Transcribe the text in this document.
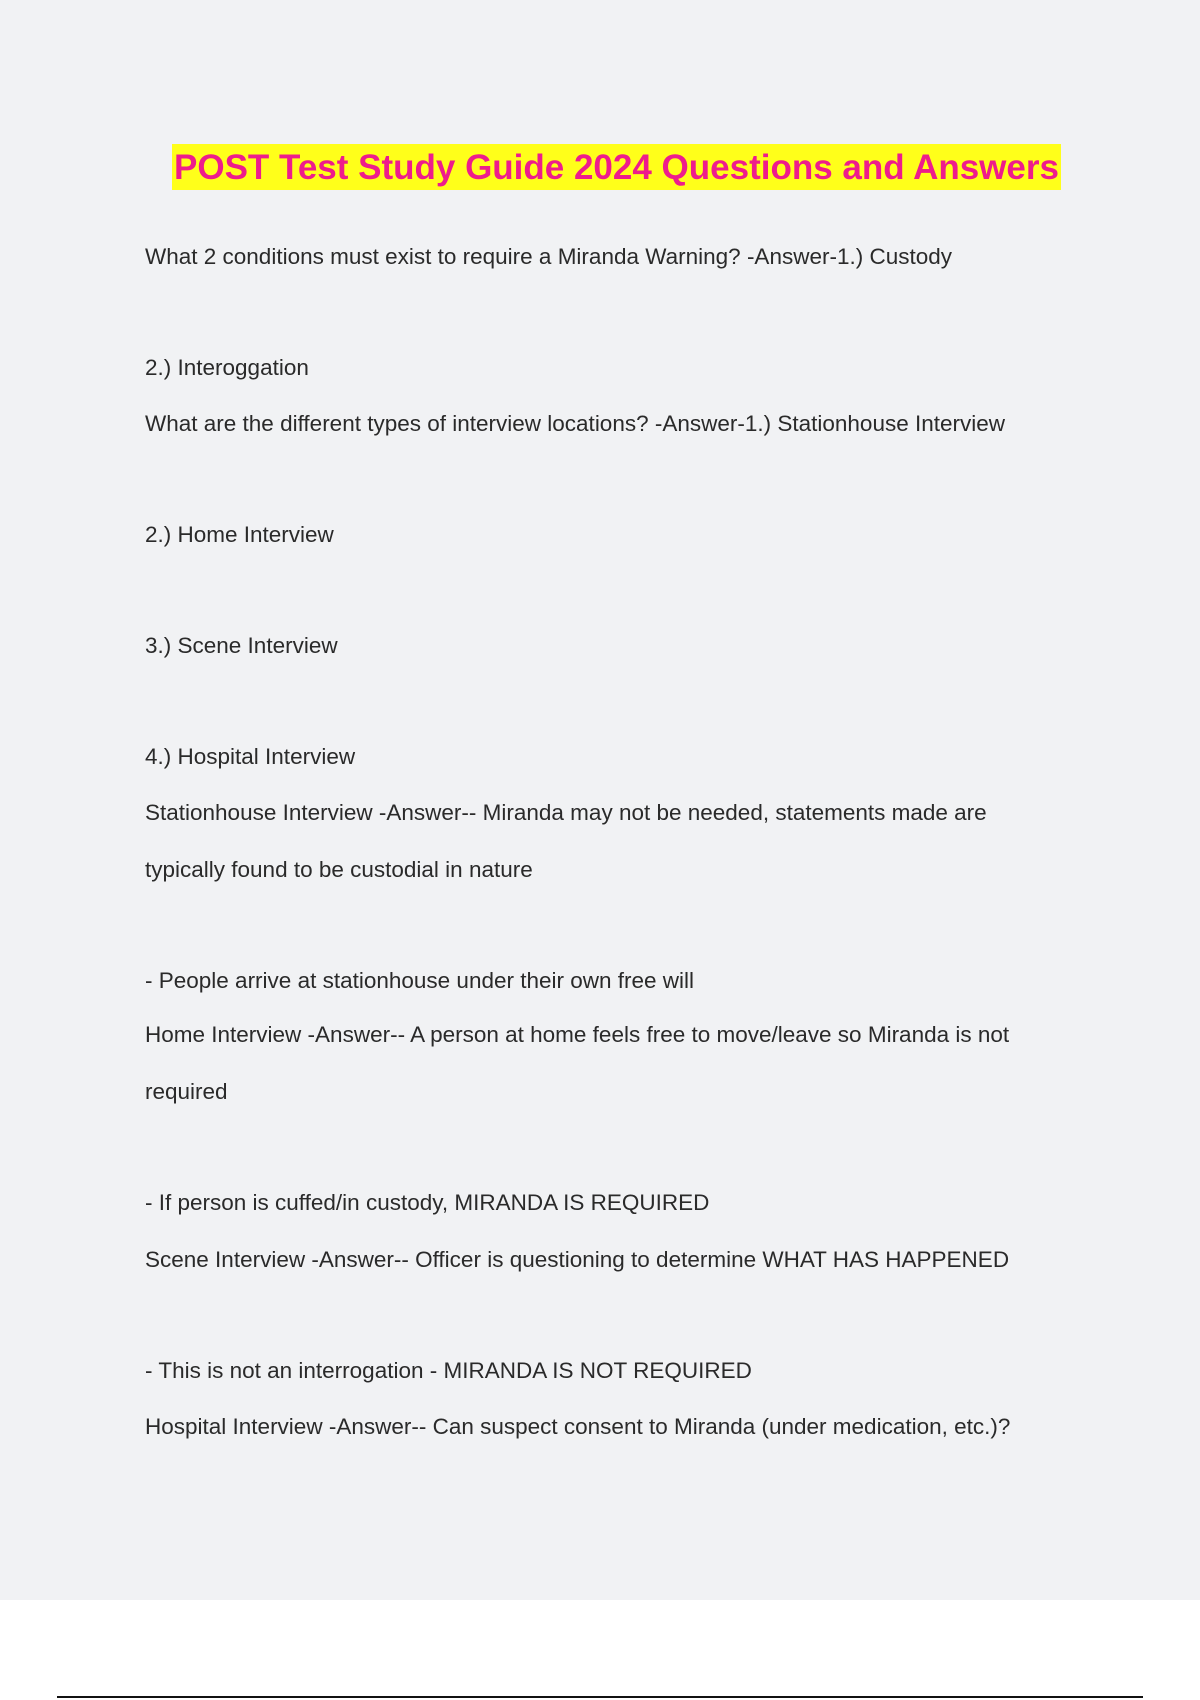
POST Test Study Guide 2024 Questions and Answers
What 2 conditions must exist to require a Miranda Warning? -Answer-1.) Custody
2.) Interoggation
What are the different types of interview locations? -Answer-1.) Stationhouse Interview
2.) Home Interview
3.) Scene Interview
4.) Hospital Interview
Stationhouse Interview -Answer-- Miranda may not be needed, statements made are
typically found to be custodial in nature
- People arrive at stationhouse under their own free will
Home Interview -Answer-- A person at home feels free to move/leave so Miranda is not
required
- If person is cuffed/in custody, MIRANDA IS REQUIRED
Scene Interview -Answer-- Officer is questioning to determine WHAT HAS HAPPENED
- This is not an interrogation - MIRANDA IS NOT REQUIRED
Hospital Interview -Answer-- Can suspect consent to Miranda (under medication, etc.)?
